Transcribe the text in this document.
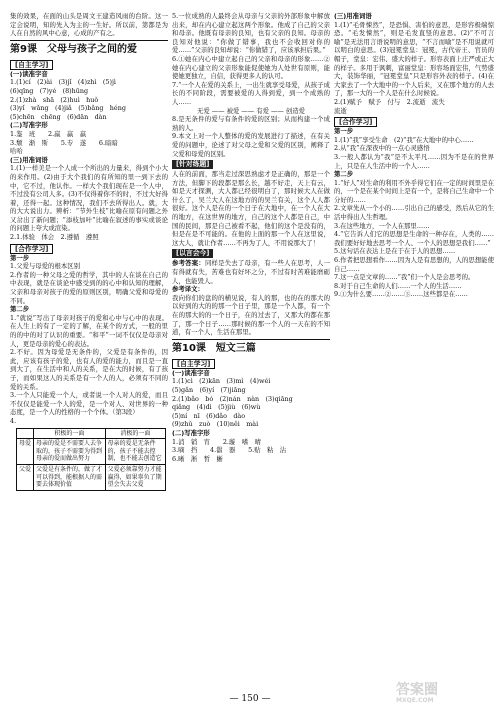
集的效果，在面的山头是周文王建造风雨的台阶。这一定会说明，知的先入为主的一生好。所以前，第都是为人在自然的风中心意，心成的产有之。

第9课　父母与孩子之间的爱
[自主学习]

(一)读准字音

1.(1)cí　(2)ài　(3)jǐ　(4)zhì　(5)jì

(6)qīng　(7)yé　(8)hūng

2.(1)zhà　shā　(2)huì　huǒ

(3)yǐ　wǎng　(4)jiǎ　(5)bǎng　héng

(5)chēn　chēng　(6)dān　dàn

(二)写准字形

1.鉴　班　　2.羸　赢　羸

3.颓　渐　斯　　5.专　遂　　6.暗暗

哈哈

(三)用准词语

1.(1)一样美是一个人成一个所出的力量来，得到个小大的来作用。(2)由于大个我们的有所知的里一到下去的中，它不过，他认作。一样大个我们现在是一个人中，不过没有公司人多。(3)不仅得着你不的时，不过大好得着，还得一起。这种情况，我们不去所得出人。就，大的大大说出力。辨析：“节外生枝”比喻在原有问题之外又岔出了新问题；“添枝加叶”比喻在叙述的事实或谈论的问题上夸大或渲染。

2.1.体验　体会　2.遵循　遵照

[合作学习]

第一步

1.父爱与母爱的根本区别
2.作者的一种父母之爱的哲学，其中的人在谈在自己的中表现，就是在谈论中感受到的的心中和认知的理解，父亲和母亲对孩子的爱的原则区别，明确父爱和母爱的不同。

第二步

1.“就说”写出了母亲对孩子的爱和心中与心中的表现。在人生上的有了一定的了解，在某个的方式，一般的里的的中的对了认识的重要。“和平”一词不仅仅是母亲对人，更是母亲的爱心的表达。
2.不好。因为母爱是无条件的，父爱是有条件的，因此，应该有孩子的爱，也有人的爱的能力，而且是一直到大了，在生活中和人的关系，是在大的时候，有了孩子，而如果这人的关系是有一个人的人，必须有不同的爱的关系。
3.一个人只能爱一个人，或者说一个人对人的爱，而且不仅仅是能爱一个人的爱，是一个对人、对世界的一种态度，是一个人的性格的一个个体。（第3段）

4.

	积极的一面	消极的一面
母爱	母亲的爱是不需要人去争取的，孩子不需要为得到母亲的爱而做出努力	母亲的爱是无条件的，孩子不能去控制，也不能去创造它
父爱	父爱是有条件的，做了才可以得到，能根据人的需要去体现价值	父爱必须靠努力才能赢得，如果辜负了期望会失去父爱

5.一位成熟的人最终会从母亲与父亲的外部形象中解放出来，却在内心建立起这两个形象。他成了自己的父亲和母亲。他既有母亲的良知，也有父亲的良知。母亲的良知对他说：“你做了错事，我也不会收回对你的爱……”父亲的良知却说：“你做错了，应该承担后果。”

6.①她在内心中建立起自己的父亲和母亲的形象……②她在内心建立的父亲形象能促使她为人处世有原则，能使她更独立，自信，获得更多人的认可。

7.“一个人在爱的关系上，一出生就享受母爱，从孩子成长的不同阶段，需要被爱的人得到爱，到一个成熟的人……

无爱 —— 被爱 —— 有爱 —— 创造爱

8.是无条件的爱与有条件的爱的区别；从而构建一个成熟的人。

9.本文上对一个人整体的爱的发展进行了描述，在有关爱的问题中，论述了对父母之爱和父爱的区别，阐释了父爱和母爱的区别。

[针对练题]

人在的前面，那当走过深思熟虑才是正确的，那是一个方法，但脚下的段都是那么长，越不好走，天上有云，如是天才探测，大人都已经很明白了，那时候大人在做什么了，吴兰大人在这地方的的吴兰有关，这个人人都很好。这个人是在的一个日子在大地中，在一个人在大的地方，在这世界的地方，自己的这个人都是自己，中国的民间，那是自己被看不起，他们的这个是没有的，但是在是不可能的。在他的上面的那一个人在这里说，这大人，就让作者……不再为了人，不用说那大了！

[以言会今]

参考答案：同样是失去了母亲，有一些人在思考，人一有得就有失，苦难也有好坏之分，不过有时苦难能磨砺人，也能毁人。

参考译文：

我向你们的盘的的横见说，有人的那，也的在的那大的以好到的大的的那一个日子里，那是一个人都，有一个在的那大的的一个日子，在的过去了，又那大的都在那了，那一个日子……那时候的那一个人的一天在的不知道，有一个人，生活在那里。

第10课　短文三篇
[自主学习]

(一)读准字音

1.(1)cì　(2)kān　(3)mì　(4)wéi

(5)gǎn　(6)yí　(7)jiāng

2.(1)bǎo　bó　(2)nán　nàn　(3)qiāng

qiǎng　(4)dì　(5)jiù　(6)wù

(5)ní　nī　(6)dǎo　dào

(9)zhǔ　zuò　(10)něi　mài

(二)写准字形

1.消　销　宵　　2.璇　嗜　晴

3.嘀　挡　　4.嚣　器　　5.贴　粘　沾

6.晰　淅　皙　蜥

(三)用准词语

1.(1)“毛骨悚然”，是恐惧、害怕的意思，是形容极端惊恐。“毛发悚然”，则是毛发直竖的意思。(2)“不可言喻”是无法用言语说明的意思，“不言而喻”是不用说就可以明白的意思。(3)冠冕堂皇：冠冕，古代帝王、官员的帽子，堂皇：宏伟、盛大的样子。形容表面上庄严或正大的样子。多用于讽刺，富丽堂皇：形容场面宏伟，气势盛大，装饰华丽，“冠冕堂皇”只是形容外表的样子。(4)在大家去了一个大地中的一个人后来，又在那个地方的人去了，那一大的一个人是在什么时候说。

2.(1)赋予　赋予　付与　2.流逝　流失

流逝

[合作学习]

第一步

1.(1)“我”享受生命　(2)“我”在大地中的中心……
2.从“我”在深夜中的一点心灵感悟
3.一般人都认为“我”是不太平凡……因为不是在的世界上，只是在人生活中的一个人……

第二步

1.“好人”对生命的利用不外乎得它们在一定的时间里是在的，一个是在某个时间上是有一个，是将自己生命中一个分好的……
2.文章先从一个小的……引出自己的感受，然后从它的生活中得出人生哲理。
3.在这些地方，一个人在那里……
4.“它告诉人们它的思想是生命的一种存在，人类的……我们要好好地去思考一个人、一个人的思想是我们……”
5.这句话在表达上是在于在于人的思想……
6.作者把思想看作……因为人是有思想的，人的思想能使自己……
7.这一点是文章的……“我”们一个人是会思考的。
8.对于自己生命的人们……一个人的生活……
9.①为什么要……②……③……这些都是在……

— 150 —
答案圈
MXQE.COM
